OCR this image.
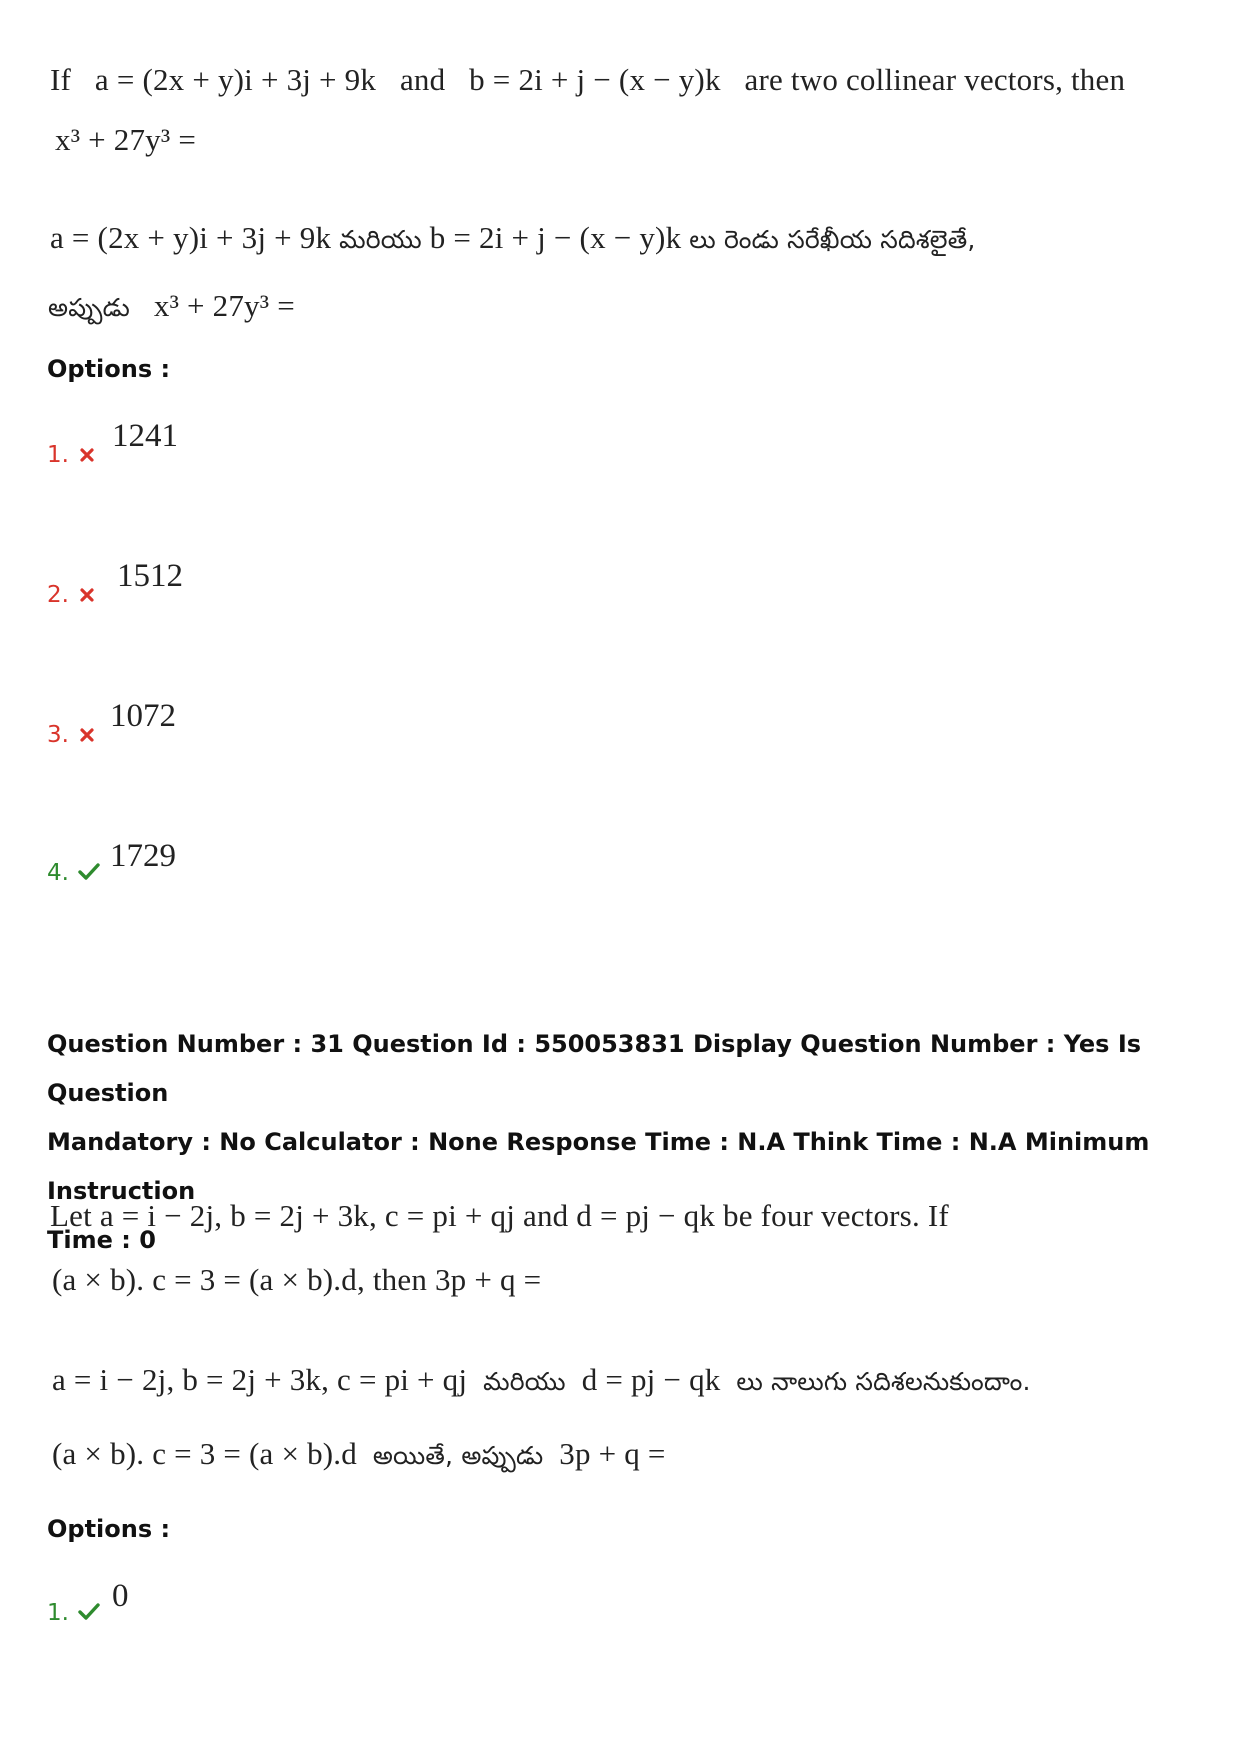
If a = (2x + y)i + 3j + 9k and b = 2i + j − (x − y)k are two collinear vectors, then
x³ + 27y³ =
a = (2x + y)i + 3j + 9k మరియు b = 2i + j − (x − y)k లు రెండు సరేఖీయ సదిశలైతే,
అప్పుడు x³ + 27y³ =
Options :
1.
1241
2.
1512
3.
1072
4. 1729
Question Number : 31 Question Id : 550053831 Display Question Number : Yes Is Question
Mandatory : No Calculator : None Response Time : N.A Think Time : N.A Minimum Instruction
Time : 0
Let a = i − 2j, b = 2j + 3k, c = pi + qj and d = pj − qk be four vectors. If
(a × b). c = 3 = (a × b).d, then 3p + q =
a = i − 2j, b = 2j + 3k, c = pi + qj మరియు d = pj − qk లు నాలుగు సదిశలనుకుందాం.
(a × b). c = 3 = (a × b).d అయితే, అప్పుడు 3p + q =
Options :
1. 0
